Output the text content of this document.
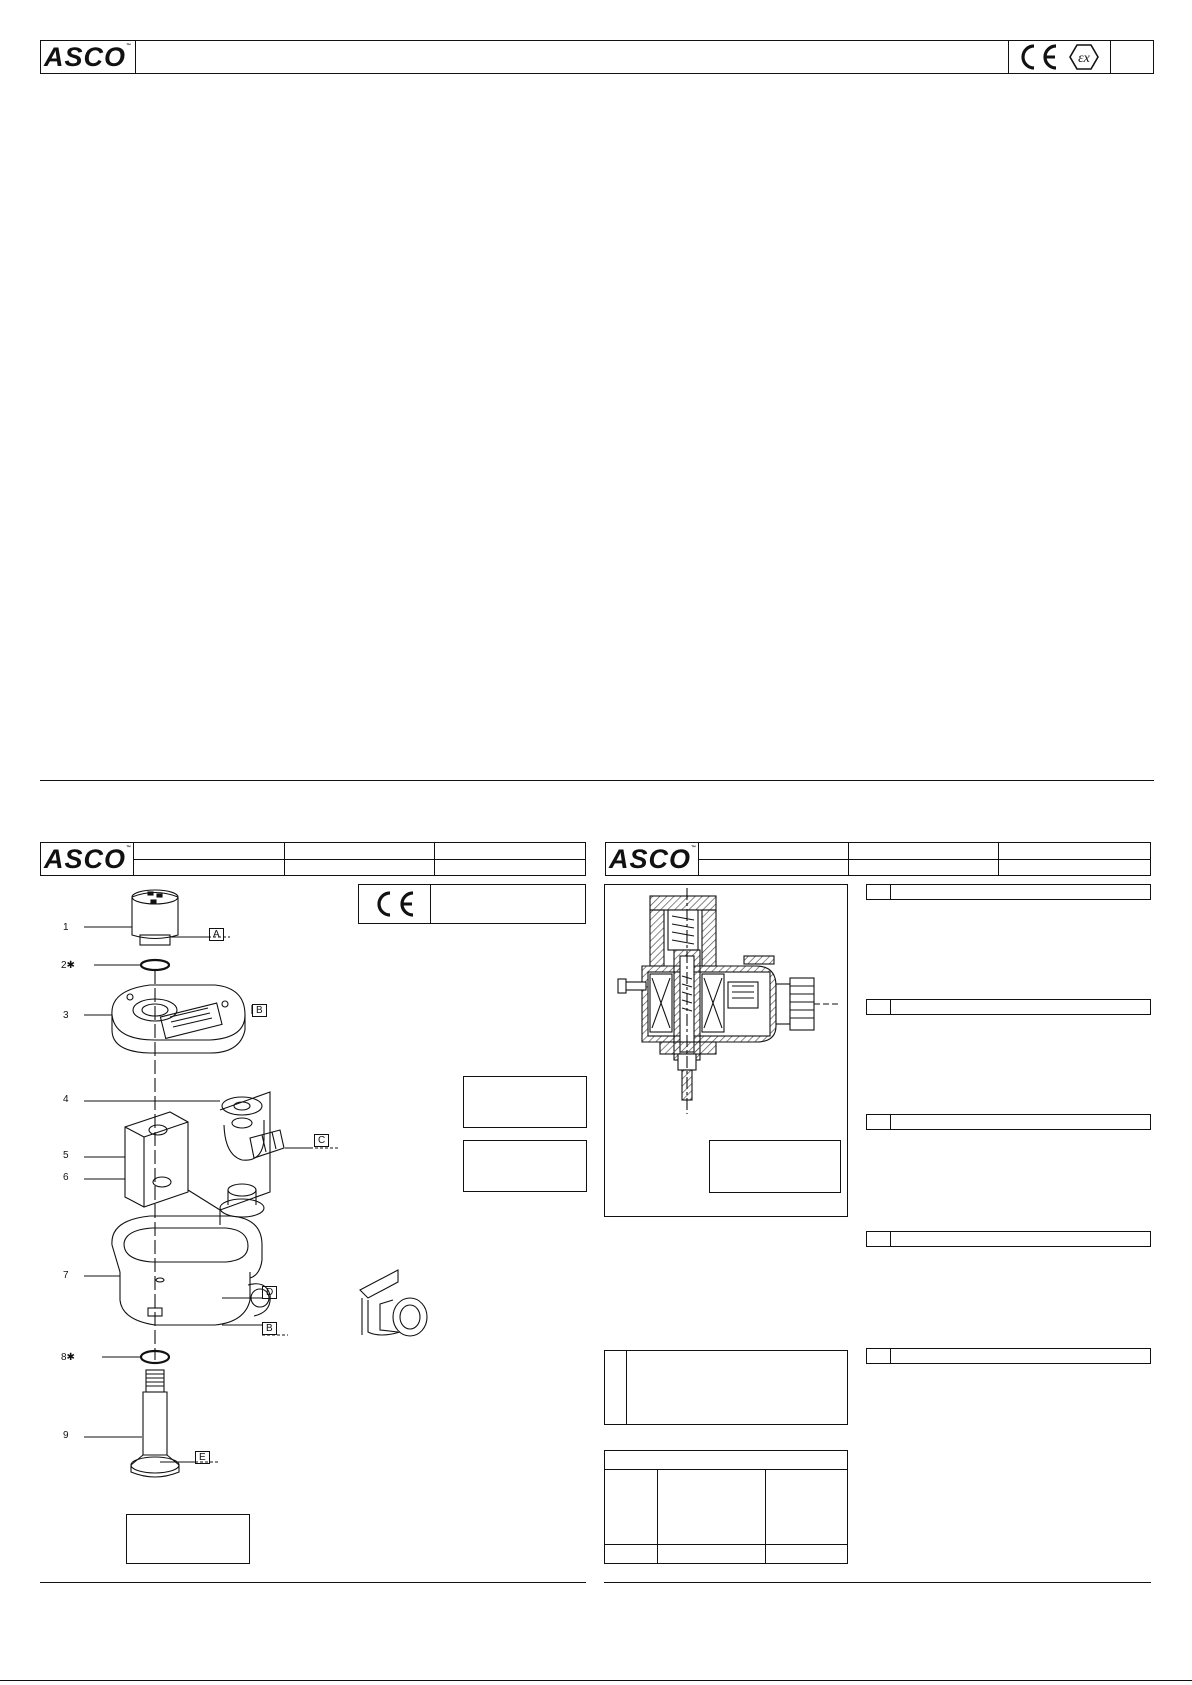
ASCO™
εx
ASCO™	ASCO™
1
2✱
3
4
5
6
7
8✱
9
A
B
C
D
B
E
